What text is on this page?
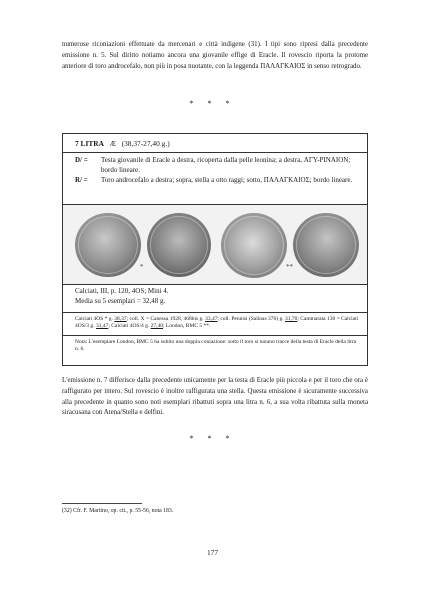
numerose riconiazioni effettuate da mercenari e città indigene (31). I tipi sono ripresi dalla precedente emissione n. 5. Sul diritto notiamo ancora una giovanile effige di Eracle. Il rovescio riporta la protome anteriore di toro androcefalo, non più in posa nuotante, con la leggenda ΠΑΛΑΓΚΑΙΟΣ in senso retrogrado.

* * *
7 LITRA Æ (38,37-27,40 g.)
D/ = Testa giovanile di Eracle a destra, ricoperta dalla pelle leonina; a destra, ΑΓΥ-PINAION; bordo lineare.
R/ = Toro androcefalo a destra; sopra, stella a otto raggi; sotto, ΠΑΛΑΓΚΑΙΟΣ; bordo lineare.
*	**
Calciati, III, p. 120, 4OS; Mini 4.
Media su 5 esemplari = 32,48 g.
Calciati 4OS * g. 38,37; coll. X = Canessa 1928, 468bis g. 33,47; coll. Pennisi (Salinas 376) g. 31,70; Cammarata 130 = Calciati 4OS/3 g. 31,47; Calciati 4OS/4 g. 27,40; London, BMC 5 **.
Nota: L'esemplare London, BMC 5 ha subito una doppia coniazione: sotto il toro si notano tracce della testa di Eracle della litra n. 6.

L'emissione n. 7 differisce dalla precedente unicamente per la testa di Eracle più piccola e per il toro che ora è raffigurato per intero. Sul rovescio è inoltre raffigurata una stella. Questa emissione è sicuramente successiva alla precedente in quanto sono noti esemplari ribattuti sopra una litra n. 6, a sua volta ribattuta sulla moneta siracusana con Atena/Stella e delfini.

* * *
(32) Cfr. F. Martino, op. cit., p. 55-56, nota 183.
177
